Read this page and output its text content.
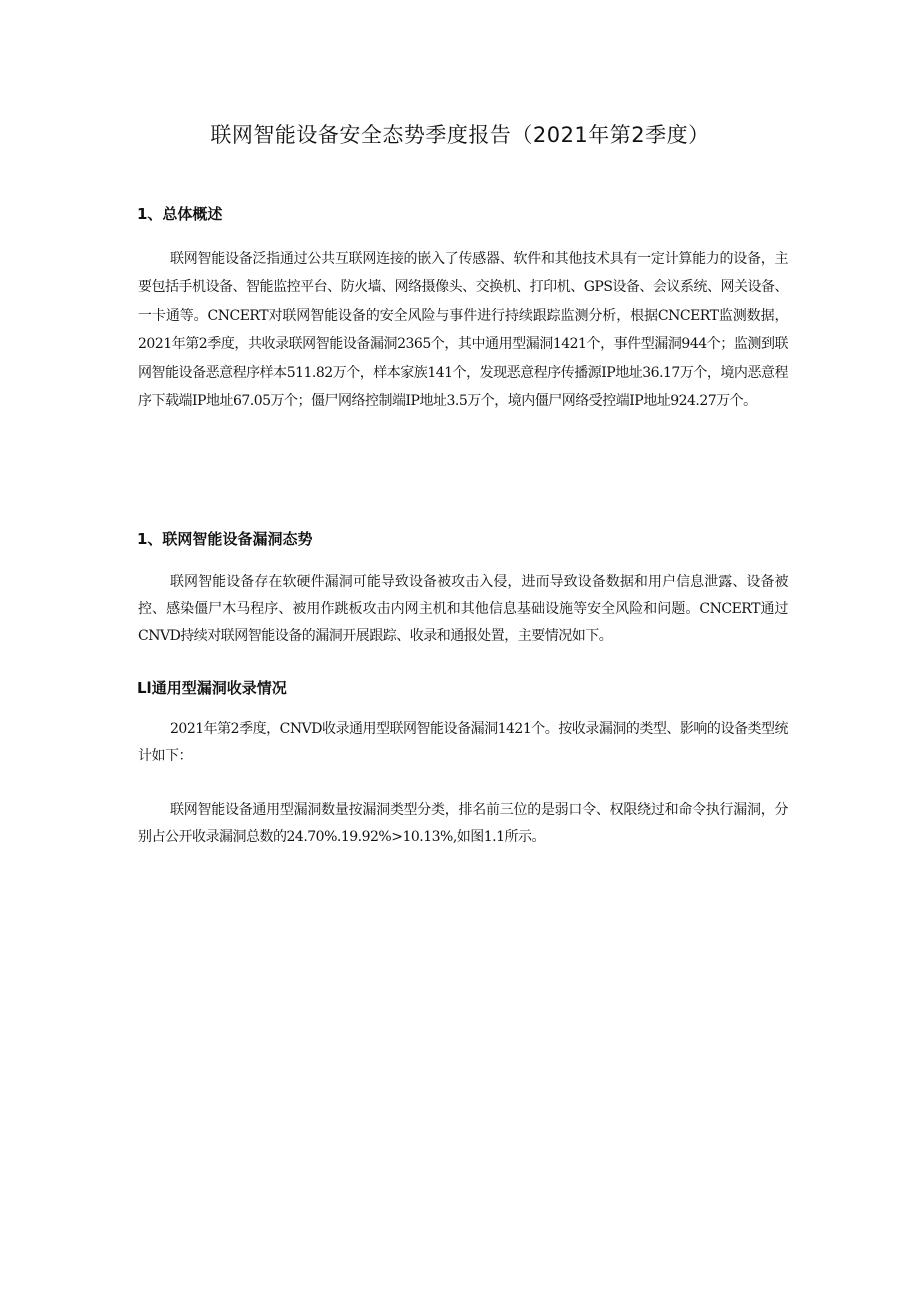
联网智能设备安全态势季度报告（2021年第2季度）
1、总体概述

联网智能设备泛指通过公共互联网连接的嵌入了传感器、软件和其他技术具有一定计算能力的设备，主要包括手机设备、智能监控平台、防火墙、网络摄像头、交换机、打印机、GPS设备、会议系统、网关设备、一卡通等。CNCERT对联网智能设备的安全风险与事件进行持续跟踪监测分析，根据CNCERT监测数据，2021年第2季度，共收录联网智能设备漏洞2365个，其中通用型漏洞1421个，事件型漏洞944个；监测到联网智能设备恶意程序样本511.82万个，样本家族141个，发现恶意程序传播源IP地址36.17万个，境内恶意程序下载端IP地址67.05万个；僵尸网络控制端IP地址3.5万个，境内僵尸网络受控端IP地址924.27万个。

1、联网智能设备漏洞态势

联网智能设备存在软硬件漏洞可能导致设备被攻击入侵，进而导致设备数据和用户信息泄露、设备被控、感染僵尸木马程序、被用作跳板攻击内网主机和其他信息基础设施等安全风险和问题。CNCERT通过CNVD持续对联网智能设备的漏洞开展跟踪、收录和通报处置，主要情况如下。

Ll通用型漏洞收录情况

2021年第2季度，CNVD收录通用型联网智能设备漏洞1421个。按收录漏洞的类型、影响的设备类型统计如下：

联网智能设备通用型漏洞数量按漏洞类型分类，排名前三位的是弱口令、权限绕过和命令执行漏洞，分别占公开收录漏洞总数的24.70%.19.92%>10.13%,如图1.1所示。
